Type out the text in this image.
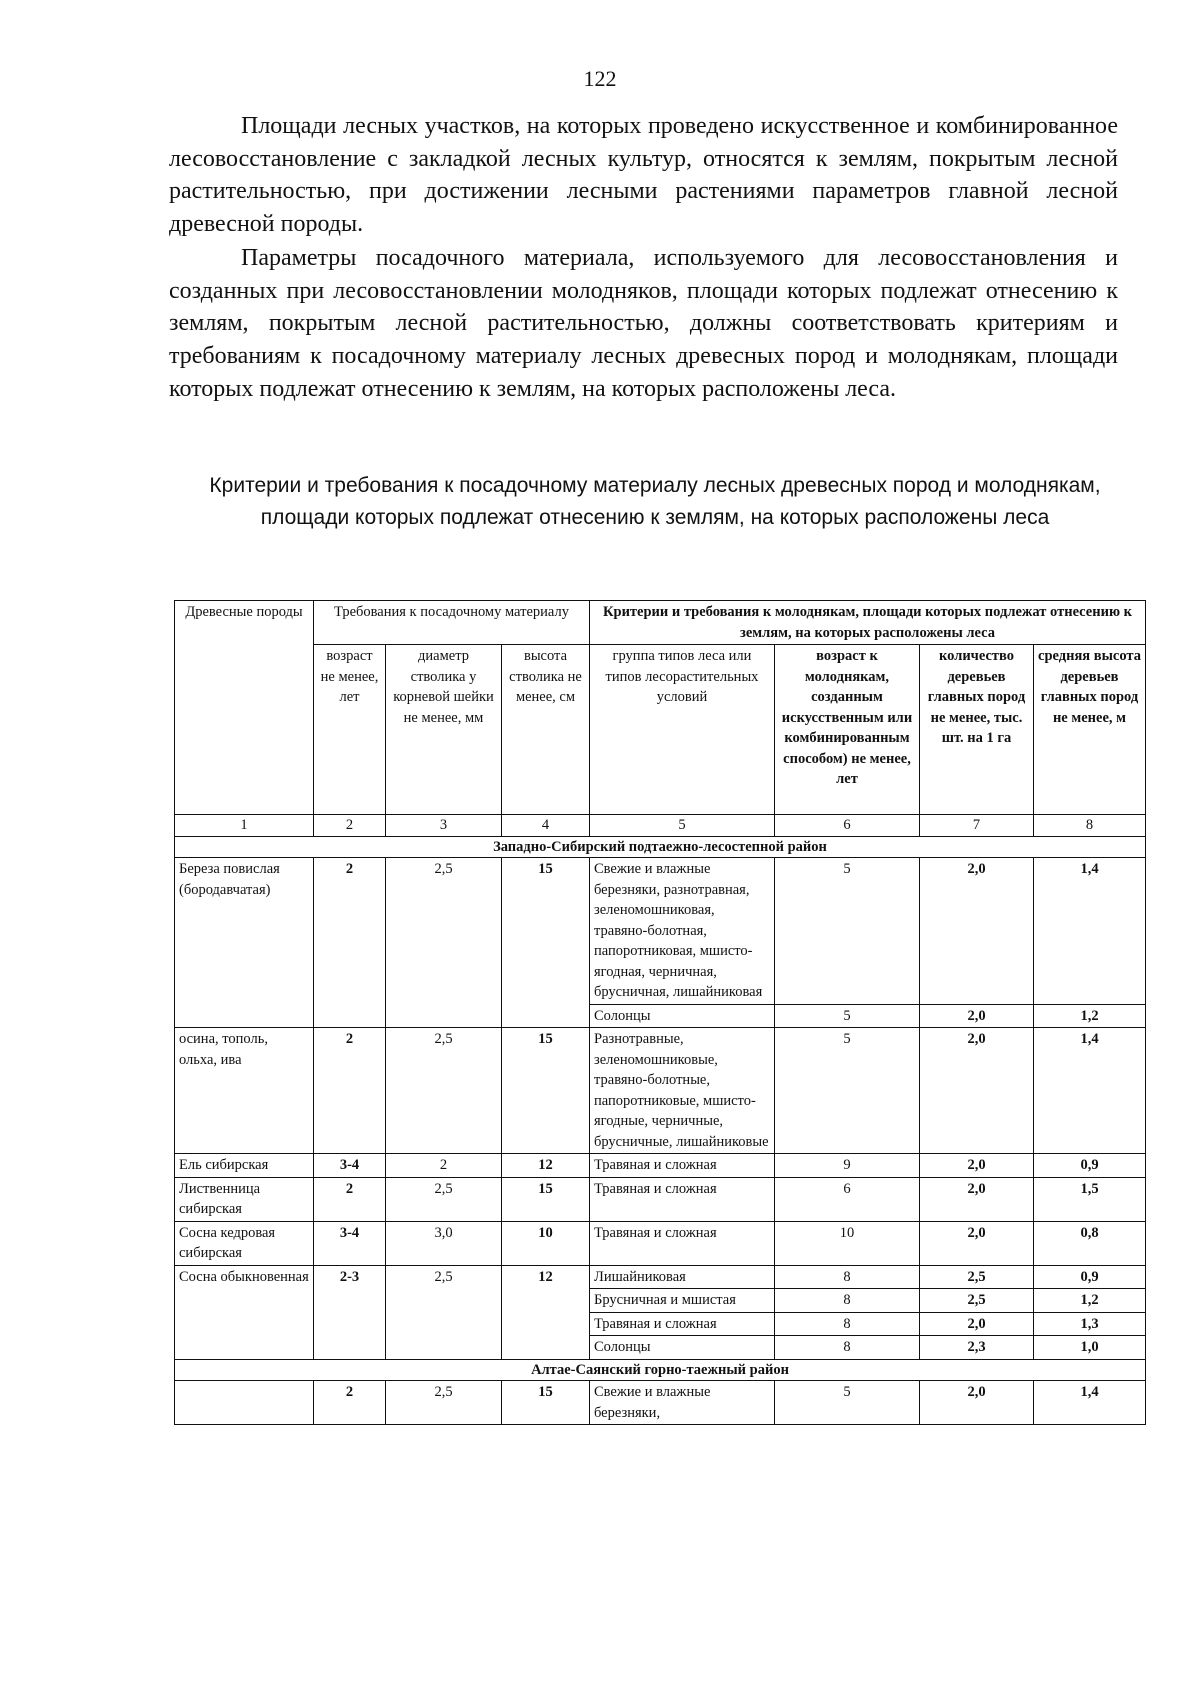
122
Площади лесных участков, на которых проведено искусственное и комбинированное лесовосстановление с закладкой лесных культур, относятся к землям, покрытым лесной растительностью, при достижении лесными растениями параметров главной лесной древесной породы.
Параметры посадочного материала, используемого для лесовосстановления и созданных при лесовосстановлении молодняков, площади которых подлежат отнесению к землям, покрытым лесной растительностью, должны соответствовать критериям и требованиям к посадочному материалу лесных древесных пород и молоднякам, площади которых подлежат отнесению к землям, на которых расположены леса.
Критерии и требования к посадочному материалу лесных древесных пород и молоднякам, площади которых подлежат отнесению к землям, на которых расположены леса
Древесные породы	Требования к посадочному материалу			Критерии и требования к молоднякам, площади которых подлежат отнесению к землям, на которых расположены леса			
	возраст не менее, лет	диаметр стволика у корневой шейки не менее, мм	высота стволика не менее, см	группа типов леса или типов лесорастительных условий	возраст к молоднякам, созданным искусственным или комбинированным способом) не менее, лет	количество деревьев главных пород не менее, тыс. шт. на 1 га	средняя высота деревьев главных пород не менее, м
1	2	3	4	5	6	7	8
Западно-Сибирский подтаежно-лесостепной район							
Береза повислая (бородавчатая)	2	2,5	15	Свежие и влажные березняки, разнотравная, зеленомошниковая, травяно-болотная, папоротниковая, мшисто-ягодная, черничная, брусничная, лишайниковая	5	2,0	1,4
				Солонцы	5	2,0	1,2
осина, тополь, ольха, ива	2	2,5	15	Разнотравные, зеленомошниковые, травяно-болотные, папоротниковые, мшисто-ягодные, черничные, брусничные, лишайниковые	5	2,0	1,4
Ель сибирская	3-4	2	12	Травяная и сложная	9	2,0	0,9
Лиственница сибирская	2	2,5	15	Травяная и сложная	6	2,0	1,5
Сосна кедровая сибирская	3-4	3,0	10	Травяная и сложная	10	2,0	0,8
Сосна обыкновенная	2-3	2,5	12	Лишайниковая	8	2,5	0,9
				Брусничная и мшистая	8	2,5	1,2
				Травяная и сложная	8	2,0	1,3
				Солонцы	8	2,3	1,0
Алтае-Саянский горно-таежный район							
	2	2,5	15	Свежие и влажные березняки,	5	2,0	1,4
